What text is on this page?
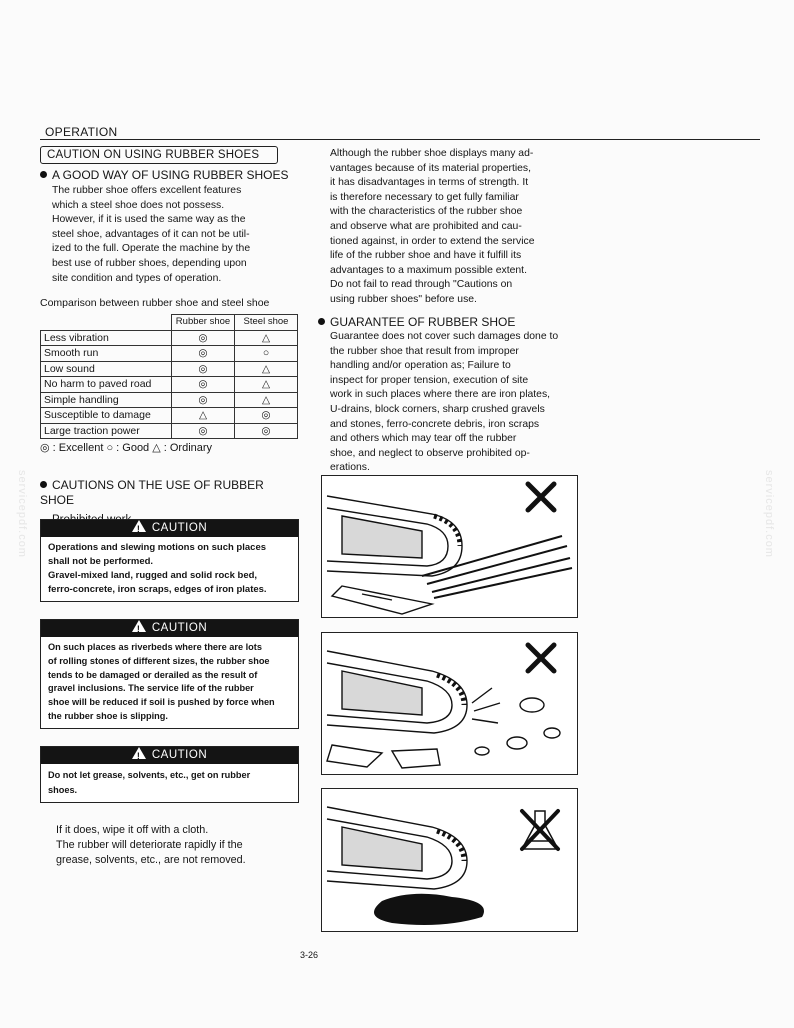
OPERATION
CAUTION ON USING RUBBER SHOES
A GOOD WAY OF USING RUBBER SHOES
The rubber shoe offers excellent features
which a steel shoe does not possess.
However, if it is used the same way as the
steel shoe, advantages of it can not be util-
ized to the full. Operate the machine by the
best use of rubber shoes, depending upon
site condition and types of operation.
Comparison between rubber shoe and steel shoe
	Rubber shoe	Steel shoe
Less vibration	◎	△
Smooth run	◎	○
Low sound	◎	△
No harm to paved road	◎	△
Simple handling	◎	△
Susceptible to damage	△	◎
Large traction power	◎	◎
◎ : Excellent ○ : Good △ : Ordinary
CAUTIONS ON THE USE OF RUBBER SHOE
!CAUTION
Operations and slewing motions on such places
shall not be performed.
Gravel-mixed land, rugged and solid rock bed,
ferro-concrete, iron scraps, edges of iron plates.
!CAUTION
On such places as riverbeds where there are lots
of rolling stones of different sizes, the rubber shoe
tends to be damaged or derailed as the result of
gravel inclusions. The service life of the rubber
shoe will be reduced if soil is pushed by force when
the rubber shoe is slipping.
!CAUTION
Do not let grease, solvents, etc., get on rubber
shoes.
If it does, wipe it off with a cloth.
The rubber will deteriorate rapidly if the
grease, solvents, etc., are not removed.
Although the rubber shoe displays many ad-
vantages because of its material properties,
it has disadvantages in terms of strength. It
is therefore necessary to get fully familiar
with the characteristics of the rubber shoe
and observe what are prohibited and cau-
tioned against, in order to extend the service
life of the rubber shoe and have it fulfill its
advantages to a maximum possible extent.
Do not fail to read through "Cautions on
using rubber shoes" before use.
GUARANTEE OF RUBBER SHOE
Guarantee does not cover such damages done to
the rubber shoe that result from improper
handling and/or operation as; Failure to
inspect for proper tension, execution of site
work in such places where there are iron plates,
U-drains, block corners, sharp crushed gravels
and stones, ferro-concrete debris, iron scraps
and others which may tear off the rubber
shoe, and neglect to observe prohibited op-
erations.
servicepdf.com	servicepdf.com
3-26
